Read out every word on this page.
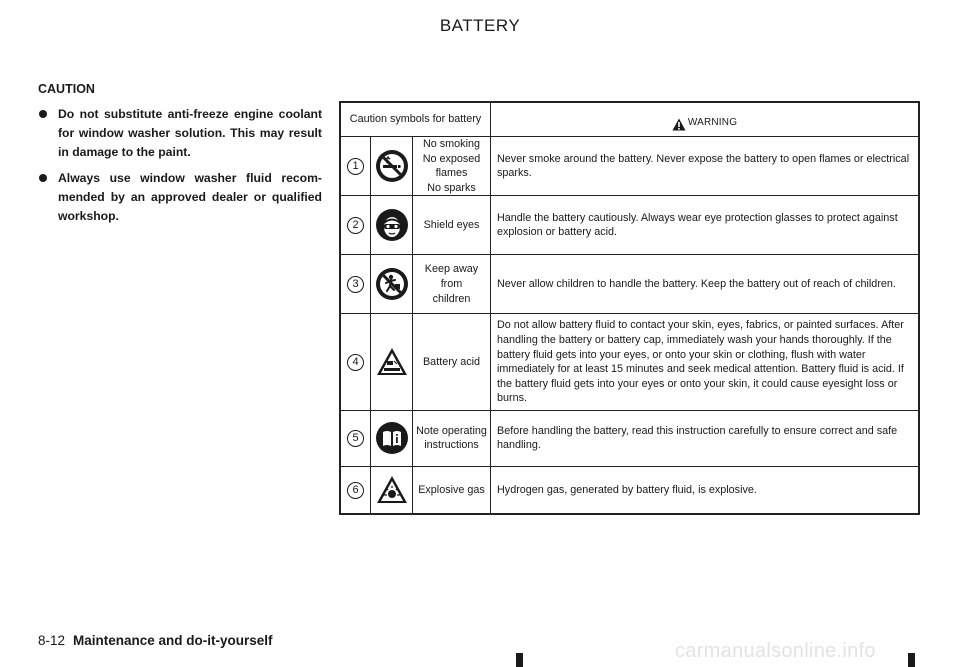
BATTERY
CAUTION
Do not substitute anti-freeze engine coolant for window washer solution. This may result in damage to the paint.
Always use window washer fluid recom-mended by an approved dealer or qualified workshop.
Caution symbols for battery			WARNING

1		No smoking
No exposed flames
No sparks	Never smoke around the battery. Never expose the battery to open flames or electrical sparks.
2		Shield eyes	Handle the battery cautiously. Always wear eye protection glasses to protect against explosion or battery acid.
3		Keep away from
children	Never allow children to handle the battery. Keep the battery out of reach of children.
4		Battery acid	Do not allow battery fluid to contact your skin, eyes, fabrics, or painted surfaces. After handling the battery or battery cap, immediately wash your hands thoroughly. If the battery fluid gets into your eyes, or onto your skin or clothing, flush with water immediately for at least 15 minutes and seek medical attention. Battery fluid is acid. If the battery fluid gets into your eyes or onto your skin, it could cause eyesight loss or burns.
5		Note operating
instructions	Before handling the battery, read this instruction carefully to ensure correct and safe handling.
6		Explosive gas	Hydrogen gas, generated by battery fluid, is explosive.
8-12 Maintenance and do-it-yourself	carmanualsonline.info
